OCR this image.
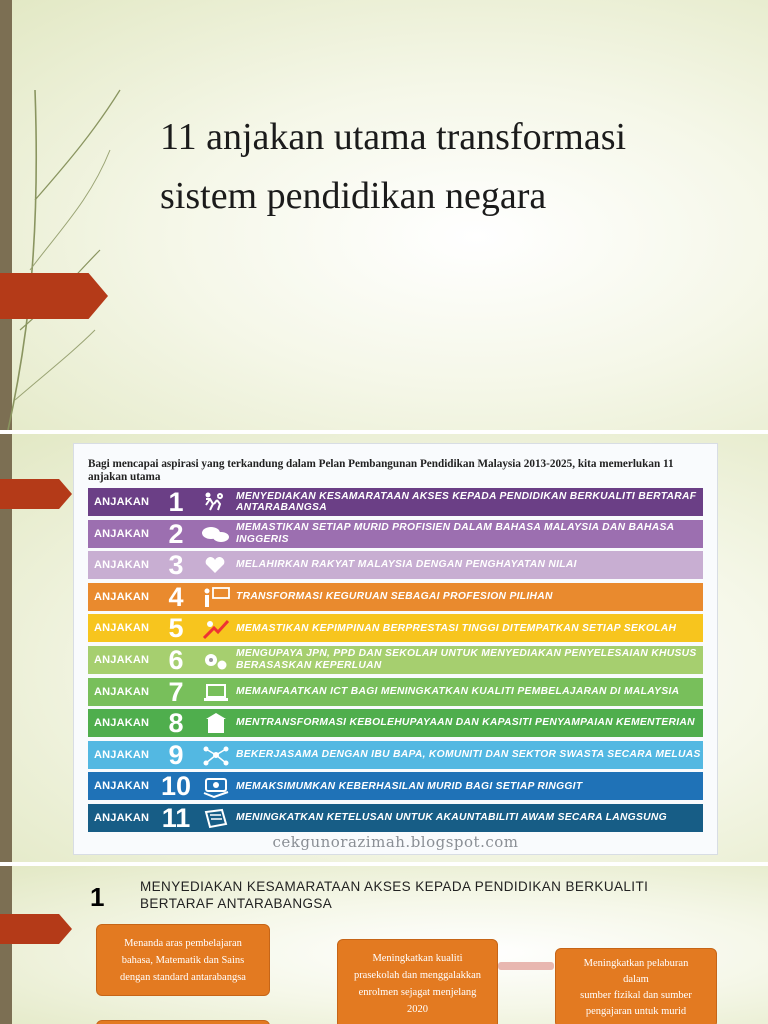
11 anjakan utama transformasi
sistem pendidikan negara

Bagi mencapai aspirasi yang terkandung dalam Pelan Pembangunan Pendidikan Malaysia 2013-2025, kita memerlukan 11 anjakan utama

ANJAKAN 1	MENYEDIAKAN KESAMARATAAN AKSES KEPADA PENDIDIKAN BERKUALITI BERTARAF ANTARABANGSA
ANJAKAN 2	MEMASTIKAN SETIAP MURID PROFISIEN DALAM BAHASA MALAYSIA DAN BAHASA INGGERIS
ANJAKAN 3	MELAHIRKAN RAKYAT MALAYSIA DENGAN PENGHAYATAN NILAI
ANJAKAN 4	TRANSFORMASI KEGURUAN SEBAGAI PROFESION PILIHAN
ANJAKAN 5	MEMASTIKAN KEPIMPINAN BERPRESTASI TINGGI DITEMPATKAN SETIAP SEKOLAH
ANJAKAN 6	MENGUPAYA JPN, PPD DAN SEKOLAH UNTUK MENYEDIAKAN PENYELESAIAN KHUSUS BERASASKAN KEPERLUAN
ANJAKAN 7	MEMANFAATKAN ICT BAGI MENINGKATKAN KUALITI PEMBELAJARAN DI MALAYSIA
ANJAKAN 8	MENTRANSFORMASI KEBOLEHUPAYAAN DAN KAPASITI PENYAMPAIAN KEMENTERIAN
ANJAKAN 9	BEKERJASAMA DENGAN IBU BAPA, KOMUNITI DAN SEKTOR SWASTA SECARA MELUAS
ANJAKAN 10	MEMAKSIMUMKAN KEBERHASILAN MURID BAGI SETIAP RINGGIT
ANJAKAN 11	MENINGKATKAN KETELUSAN UNTUK AKAUNTABILITI AWAM SECARA LANGSUNG
cekgunorazimah.blogspot.com

1	MENYEDIAKAN KESAMARATAAN AKSES KEPADA PENDIDIKAN BERKUALITI BERTARAF ANTARABANGSA

Menanda aras pembelajaran
bahasa, Matematik dan Sains
dengan standard antarabangsa
Meningkatkan kualiti
prasekolah dan menggalakkan
enrolmen sejagat menjelang
2020
Meningkatkan pelaburan
dalam
sumber fizikal dan sumber
pengajaran untuk murid
